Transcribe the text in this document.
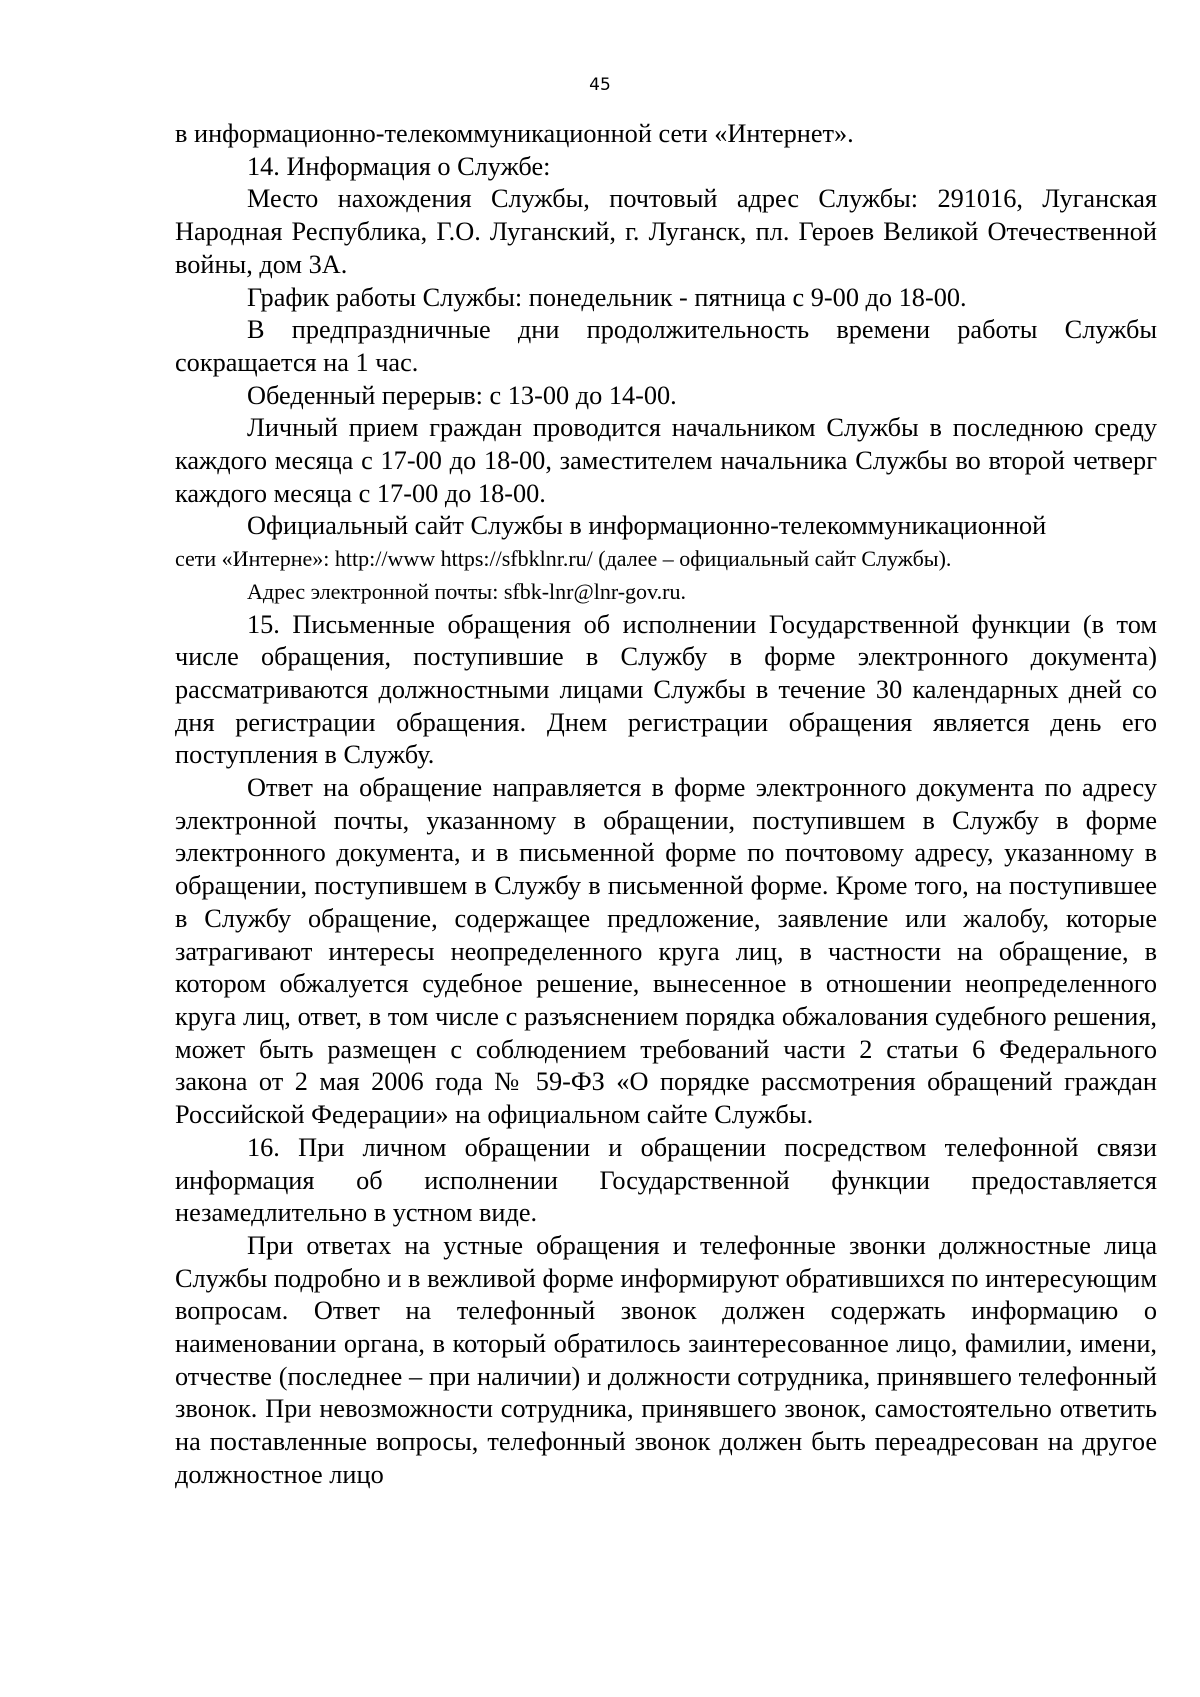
45

в информационно-телекоммуникационной сети «Интернет».

14. Информация о Службе:

Место нахождения Службы, почтовый адрес Службы: 291016, Луганская Народная Республика, Г.О. Луганский, г. Луганск, пл. Героев Великой Отечественной войны, дом 3А.

График работы Службы: понедельник - пятница с 9-00 до 18-00.

В предпраздничные дни продолжительность времени работы Службы сокращается на 1 час.

Обеденный перерыв: с 13-00 до 14-00.

Личный прием граждан проводится начальником Службы в последнюю среду каждого месяца с 17-00 до 18-00, заместителем начальника Службы во второй четверг каждого месяца с 17-00 до 18-00.

Официальный сайт Службы в информационно-телекоммуникационной

сети «Интерне»: http://www https://sfbklnr.ru/ (далее – официальный сайт Службы).

Адрес электронной почты: sfbk-lnr@lnr-gov.ru.

15. Письменные обращения об исполнении Государственной функции (в том числе обращения, поступившие в Службу в форме электронного документа) рассматриваются должностными лицами Службы в течение 30 календарных дней со дня регистрации обращения. Днем регистрации обращения является день его поступления в Службу.

Ответ на обращение направляется в форме электронного документа по адресу электронной почты, указанному в обращении, поступившем в Службу в форме электронного документа, и в письменной форме по почтовому адресу, указанному в обращении, поступившем в Службу в письменной форме. Кроме того, на поступившее в Службу обращение, содержащее предложение, заявление или жалобу, которые затрагивают интересы неопределенного круга лиц, в частности на обращение, в котором обжалуется судебное решение, вынесенное в отношении неопределенного круга лиц, ответ, в том числе с разъяснением порядка обжалования судебного решения, может быть размещен с соблюдением требований части 2 статьи 6 Федерального закона от 2 мая 2006 года № 59-ФЗ «О порядке рассмотрения обращений граждан Российской Федерации» на официальном сайте Службы.

16. При личном обращении и обращении посредством телефонной связи информация об исполнении Государственной функции предоставляется незамедлительно в устном виде.

При ответах на устные обращения и телефонные звонки должностные лица Службы подробно и в вежливой форме информируют обратившихся по интересующим вопросам. Ответ на телефонный звонок должен содержать информацию о наименовании органа, в который обратилось заинтересованное лицо, фамилии, имени, отчестве (последнее – при наличии) и должности сотрудника, принявшего телефонный звонок. При невозможности сотрудника, принявшего звонок, самостоятельно ответить на поставленные вопросы, телефонный звонок должен быть переадресован на другое должностное лицо
